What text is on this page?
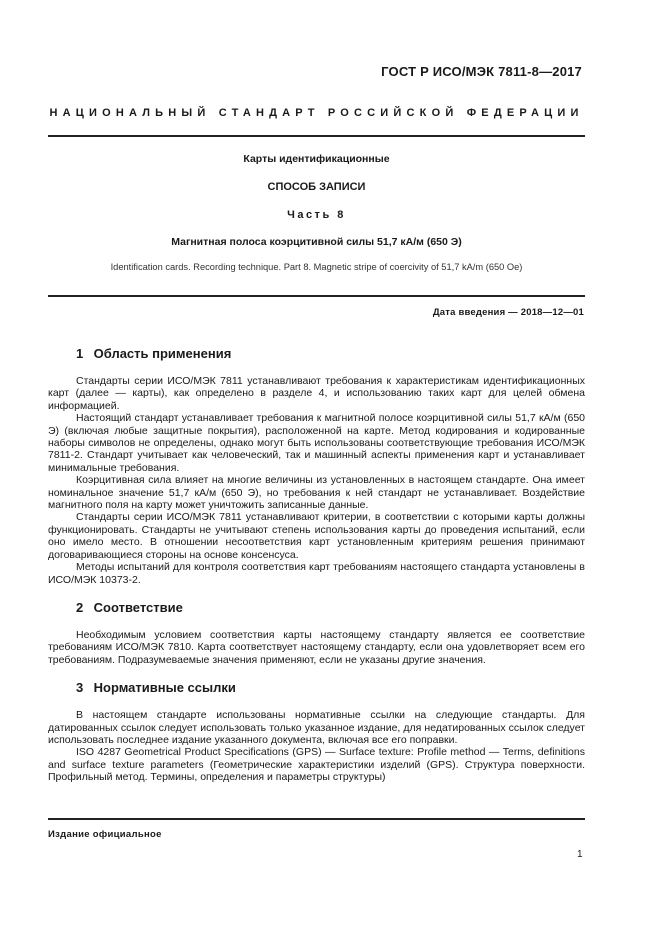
ГОСТ Р ИСО/МЭК 7811-8—2017
НАЦИОНАЛЬНЫЙ СТАНДАРТ РОССИЙСКОЙ ФЕДЕРАЦИИ
Карты идентификационные
СПОСОБ ЗАПИСИ
Часть 8
Магнитная полоса коэрцитивной силы 51,7 кА/м (650 Э)
Identification cards. Recording technique. Part 8. Magnetic stripe of coercivity of 51,7 kA/m (650 Oe)
Дата введения — 2018—12—01
1 Область применения

Стандарты серии ИСО/МЭК 7811 устанавливают требования к характеристикам идентификационных карт (далее — карты), как определено в разделе 4, и использованию таких карт для целей обмена информацией.

Настоящий стандарт устанавливает требования к магнитной полосе коэрцитивной силы 51,7 кА/м (650 Э) (включая любые защитные покрытия), расположенной на карте. Метод кодирования и кодированные наборы символов не определены, однако могут быть использованы соответствующие требования ИСО/МЭК 7811-2. Стандарт учитывает как человеческий, так и машинный аспекты применения карт и устанавливает минимальные требования.

Коэрцитивная сила влияет на многие величины из установленных в настоящем стандарте. Она имеет номинальное значение 51,7 кА/м (650 Э), но требования к ней стандарт не устанавливает. Воздействие магнитного поля на карту может уничтожить записанные данные.

Стандарты серии ИСО/МЭК 7811 устанавливают критерии, в соответствии с которыми карты должны функционировать. Стандарты не учитывают степень использования карты до проведения испытаний, если оно имело место. В отношении несоответствия карт установленным критериям решения принимают договаривающиеся стороны на основе консенсуса.

Методы испытаний для контроля соответствия карт требованиям настоящего стандарта установлены в ИСО/МЭК 10373-2.

2 Соответствие

Необходимым условием соответствия карты настоящему стандарту является ее соответствие требованиям ИСО/МЭК 7810. Карта соответствует настоящему стандарту, если она удовлетворяет всем его требованиям. Подразумеваемые значения применяют, если не указаны другие значения.

3 Нормативные ссылки

В настоящем стандарте использованы нормативные ссылки на следующие стандарты. Для датированных ссылок следует использовать только указанное издание, для недатированных ссылок следует использовать последнее издание указанного документа, включая все его поправки.

ISO 4287 Geometrical Product Specifications (GPS) — Surface texture: Profile method — Terms, definitions and surface texture parameters (Геометрические характеристики изделий (GPS). Структура поверхности. Профильный метод. Термины, определения и параметры структуры)

Издание официальное
1
